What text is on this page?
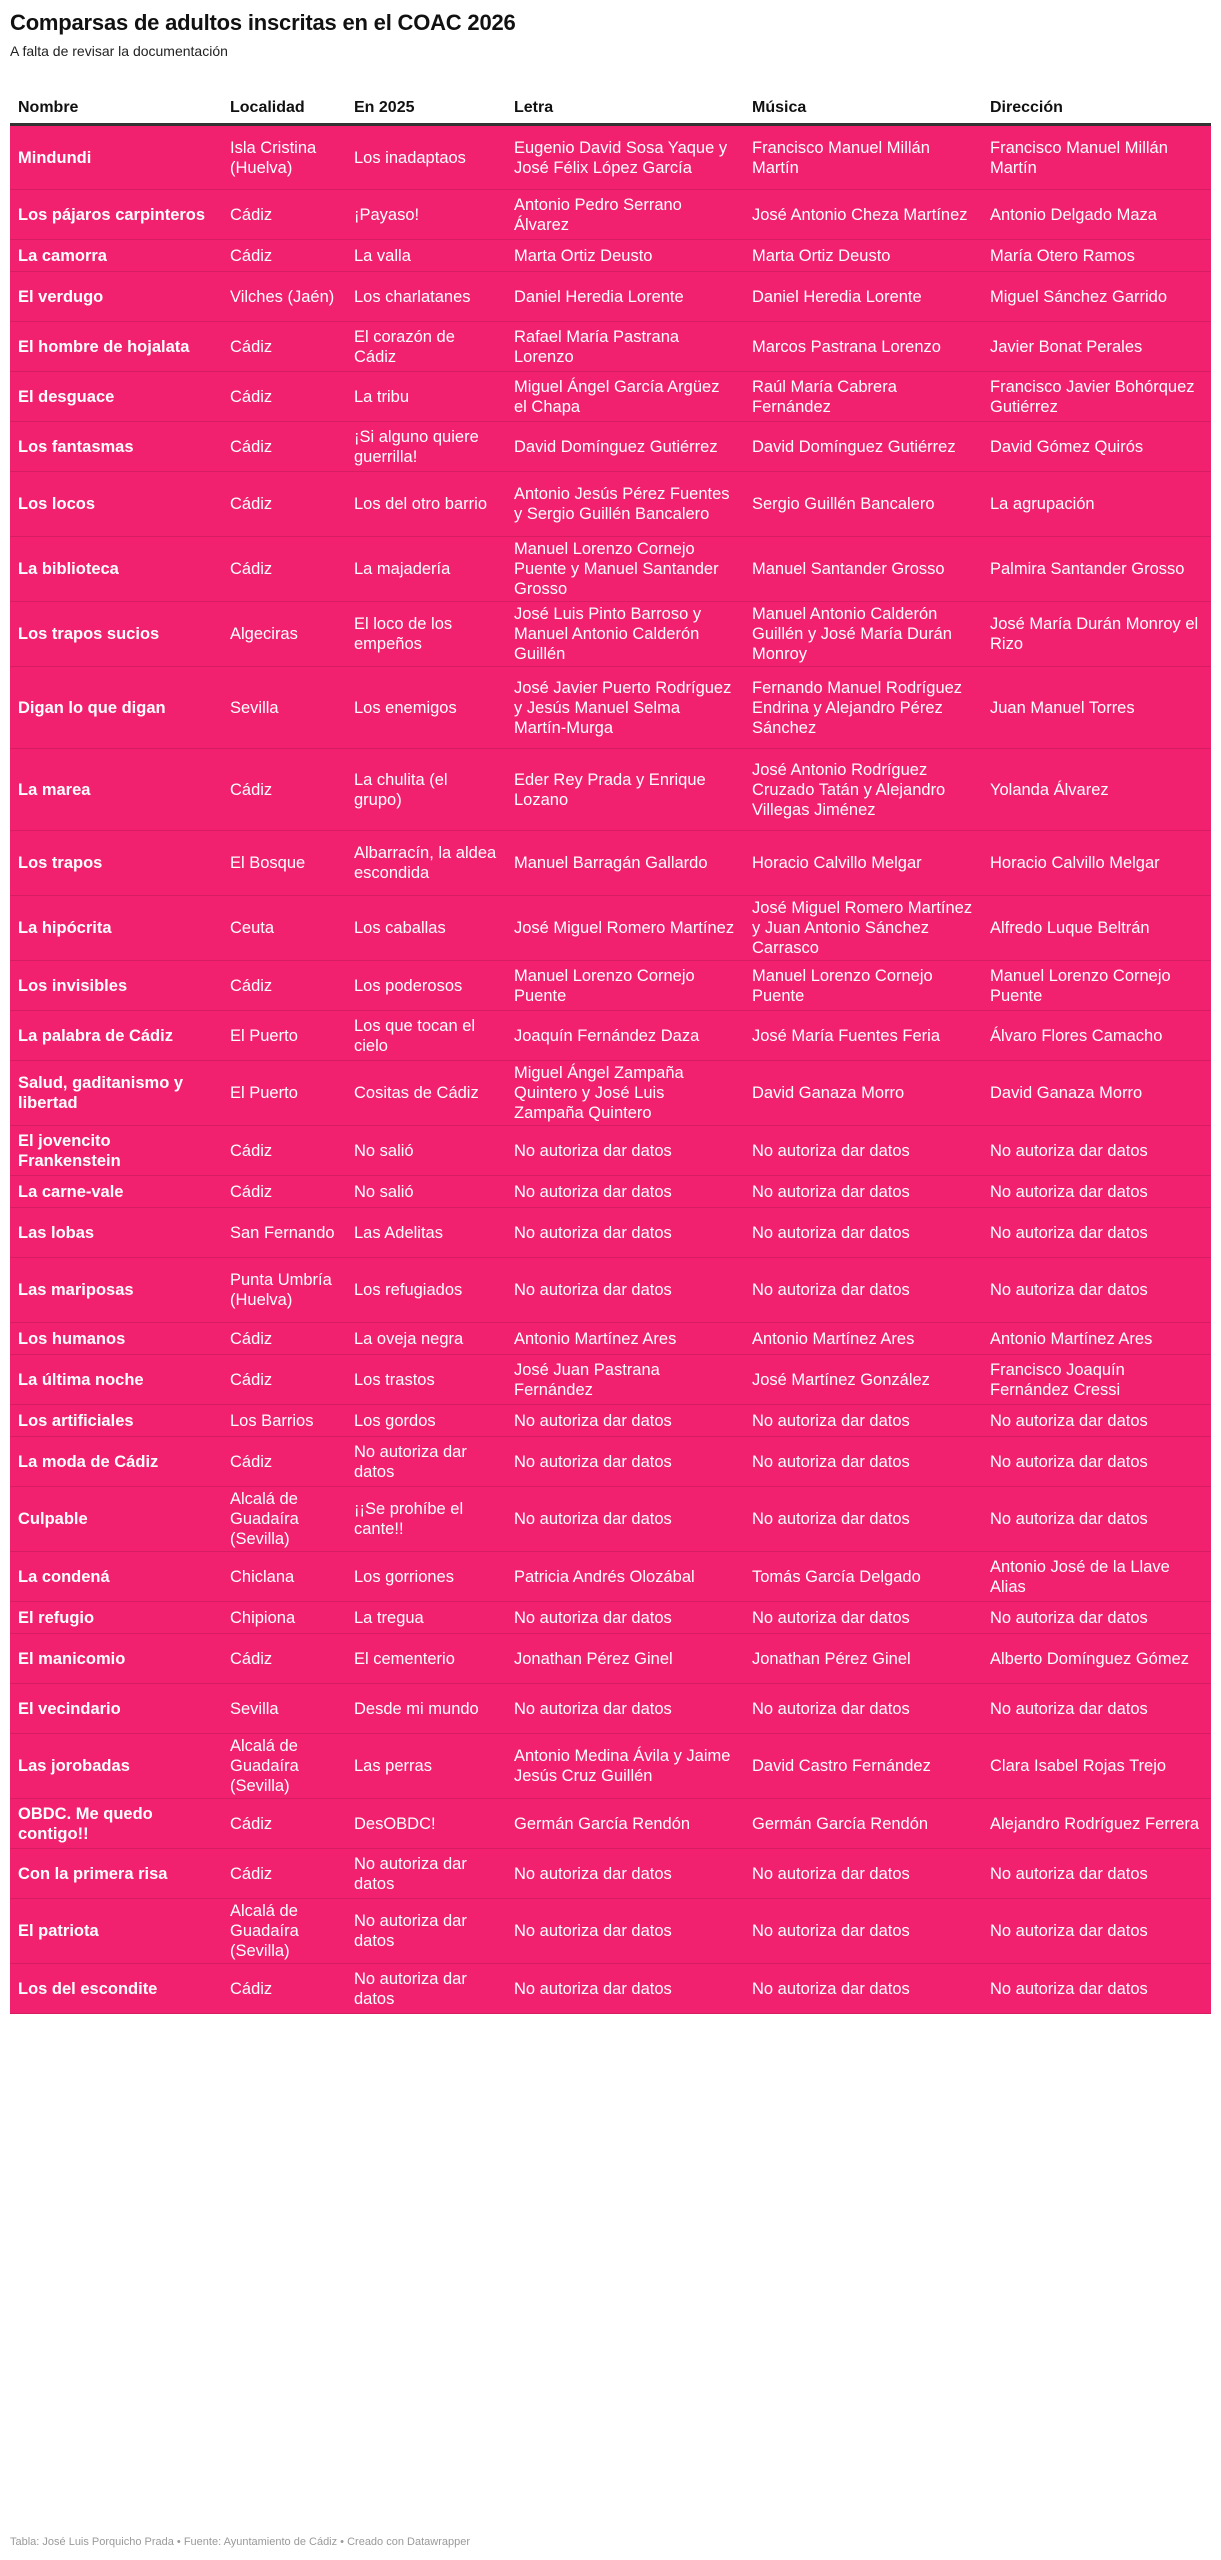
Comparsas de adultos inscritas en el COAC 2026

A falta de revisar la documentación

Nombre	Localidad	En 2025	Letra	Música	Dirección
Mindundi	Isla Cristina (Huelva)	Los inadaptaos	Eugenio David Sosa Yaque y José Félix López García	Francisco Manuel Millán Martín	Francisco Manuel Millán Martín
Los pájaros carpinteros	Cádiz	¡Payaso!	Antonio Pedro Serrano Álvarez	José Antonio Cheza Martínez	Antonio Delgado Maza
La camorra	Cádiz	La valla	Marta Ortiz Deusto	Marta Ortiz Deusto	María Otero Ramos
El verdugo	Vilches (Jaén)	Los charlatanes	Daniel Heredia Lorente	Daniel Heredia Lorente	Miguel Sánchez Garrido
El hombre de hojalata	Cádiz	El corazón de Cádiz	Rafael María Pastrana Lorenzo	Marcos Pastrana Lorenzo	Javier Bonat Perales
El desguace	Cádiz	La tribu	Miguel Ángel García Argüez el Chapa	Raúl María Cabrera Fernández	Francisco Javier Bohórquez Gutiérrez
Los fantasmas	Cádiz	¡Si alguno quiere guerrilla!	David Domínguez Gutiérrez	David Domínguez Gutiérrez	David Gómez Quirós
Los locos	Cádiz	Los del otro barrio	Antonio Jesús Pérez Fuentes y Sergio Guillén Bancalero	Sergio Guillén Bancalero	La agrupación
La biblioteca	Cádiz	La majadería	Manuel Lorenzo Cornejo Puente y Manuel Santander Grosso	Manuel Santander Grosso	Palmira Santander Grosso
Los trapos sucios	Algeciras	El loco de los empeños	José Luis Pinto Barroso y Manuel Antonio Calderón Guillén	Manuel Antonio Calderón Guillén y José María Durán Monroy	José María Durán Monroy el Rizo
Digan lo que digan	Sevilla	Los enemigos	José Javier Puerto Rodríguez y Jesús Manuel Selma Martín-Murga	Fernando Manuel Rodríguez Endrina y Alejandro Pérez Sánchez	Juan Manuel Torres
La marea	Cádiz	La chulita (el grupo)	Eder Rey Prada y Enrique Lozano	José Antonio Rodríguez Cruzado Tatán y Alejandro Villegas Jiménez	Yolanda Álvarez
Los trapos	El Bosque	Albarracín, la aldea escondida	Manuel Barragán Gallardo	Horacio Calvillo Melgar	Horacio Calvillo Melgar
La hipócrita	Ceuta	Los caballas	José Miguel Romero Martínez	José Miguel Romero Martínez y Juan Antonio Sánchez Carrasco	Alfredo Luque Beltrán
Los invisibles	Cádiz	Los poderosos	Manuel Lorenzo Cornejo Puente	Manuel Lorenzo Cornejo Puente	Manuel Lorenzo Cornejo Puente
La palabra de Cádiz	El Puerto	Los que tocan el cielo	Joaquín Fernández Daza	José María Fuentes Feria	Álvaro Flores Camacho
Salud, gaditanismo y libertad	El Puerto	Cositas de Cádiz	Miguel Ángel Zampaña Quintero y José Luis Zampaña Quintero	David Ganaza Morro	David Ganaza Morro
El jovencito Frankenstein	Cádiz	No salió	No autoriza dar datos	No autoriza dar datos	No autoriza dar datos
La carne-vale	Cádiz	No salió	No autoriza dar datos	No autoriza dar datos	No autoriza dar datos
Las lobas	San Fernando	Las Adelitas	No autoriza dar datos	No autoriza dar datos	No autoriza dar datos
Las mariposas	Punta Umbría (Huelva)	Los refugiados	No autoriza dar datos	No autoriza dar datos	No autoriza dar datos
Los humanos	Cádiz	La oveja negra	Antonio Martínez Ares	Antonio Martínez Ares	Antonio Martínez Ares
La última noche	Cádiz	Los trastos	José Juan Pastrana Fernández	José Martínez González	Francisco Joaquín Fernández Cressi
Los artificiales	Los Barrios	Los gordos	No autoriza dar datos	No autoriza dar datos	No autoriza dar datos
La moda de Cádiz	Cádiz	No autoriza dar datos	No autoriza dar datos	No autoriza dar datos	No autoriza dar datos
Culpable	Alcalá de Guadaíra (Sevilla)	¡¡Se prohíbe el cante!!	No autoriza dar datos	No autoriza dar datos	No autoriza dar datos
La condená	Chiclana	Los gorriones	Patricia Andrés Olozábal	Tomás García Delgado	Antonio José de la Llave Alias
El refugio	Chipiona	La tregua	No autoriza dar datos	No autoriza dar datos	No autoriza dar datos
El manicomio	Cádiz	El cementerio	Jonathan Pérez Ginel	Jonathan Pérez Ginel	Alberto Domínguez Gómez
El vecindario	Sevilla	Desde mi mundo	No autoriza dar datos	No autoriza dar datos	No autoriza dar datos
Las jorobadas	Alcalá de Guadaíra (Sevilla)	Las perras	Antonio Medina Ávila y Jaime Jesús Cruz Guillén	David Castro Fernández	Clara Isabel Rojas Trejo
OBDC. Me quedo contigo!!	Cádiz	DesOBDC!	Germán García Rendón	Germán García Rendón	Alejandro Rodríguez Ferrera
Con la primera risa	Cádiz	No autoriza dar datos	No autoriza dar datos	No autoriza dar datos	No autoriza dar datos
El patriota	Alcalá de Guadaíra (Sevilla)	No autoriza dar datos	No autoriza dar datos	No autoriza dar datos	No autoriza dar datos
Los del escondite	Cádiz	No autoriza dar datos	No autoriza dar datos	No autoriza dar datos	No autoriza dar datos
Tabla: José Luis Porquicho Prada • Fuente: Ayuntamiento de Cádiz • Creado con Datawrapper
